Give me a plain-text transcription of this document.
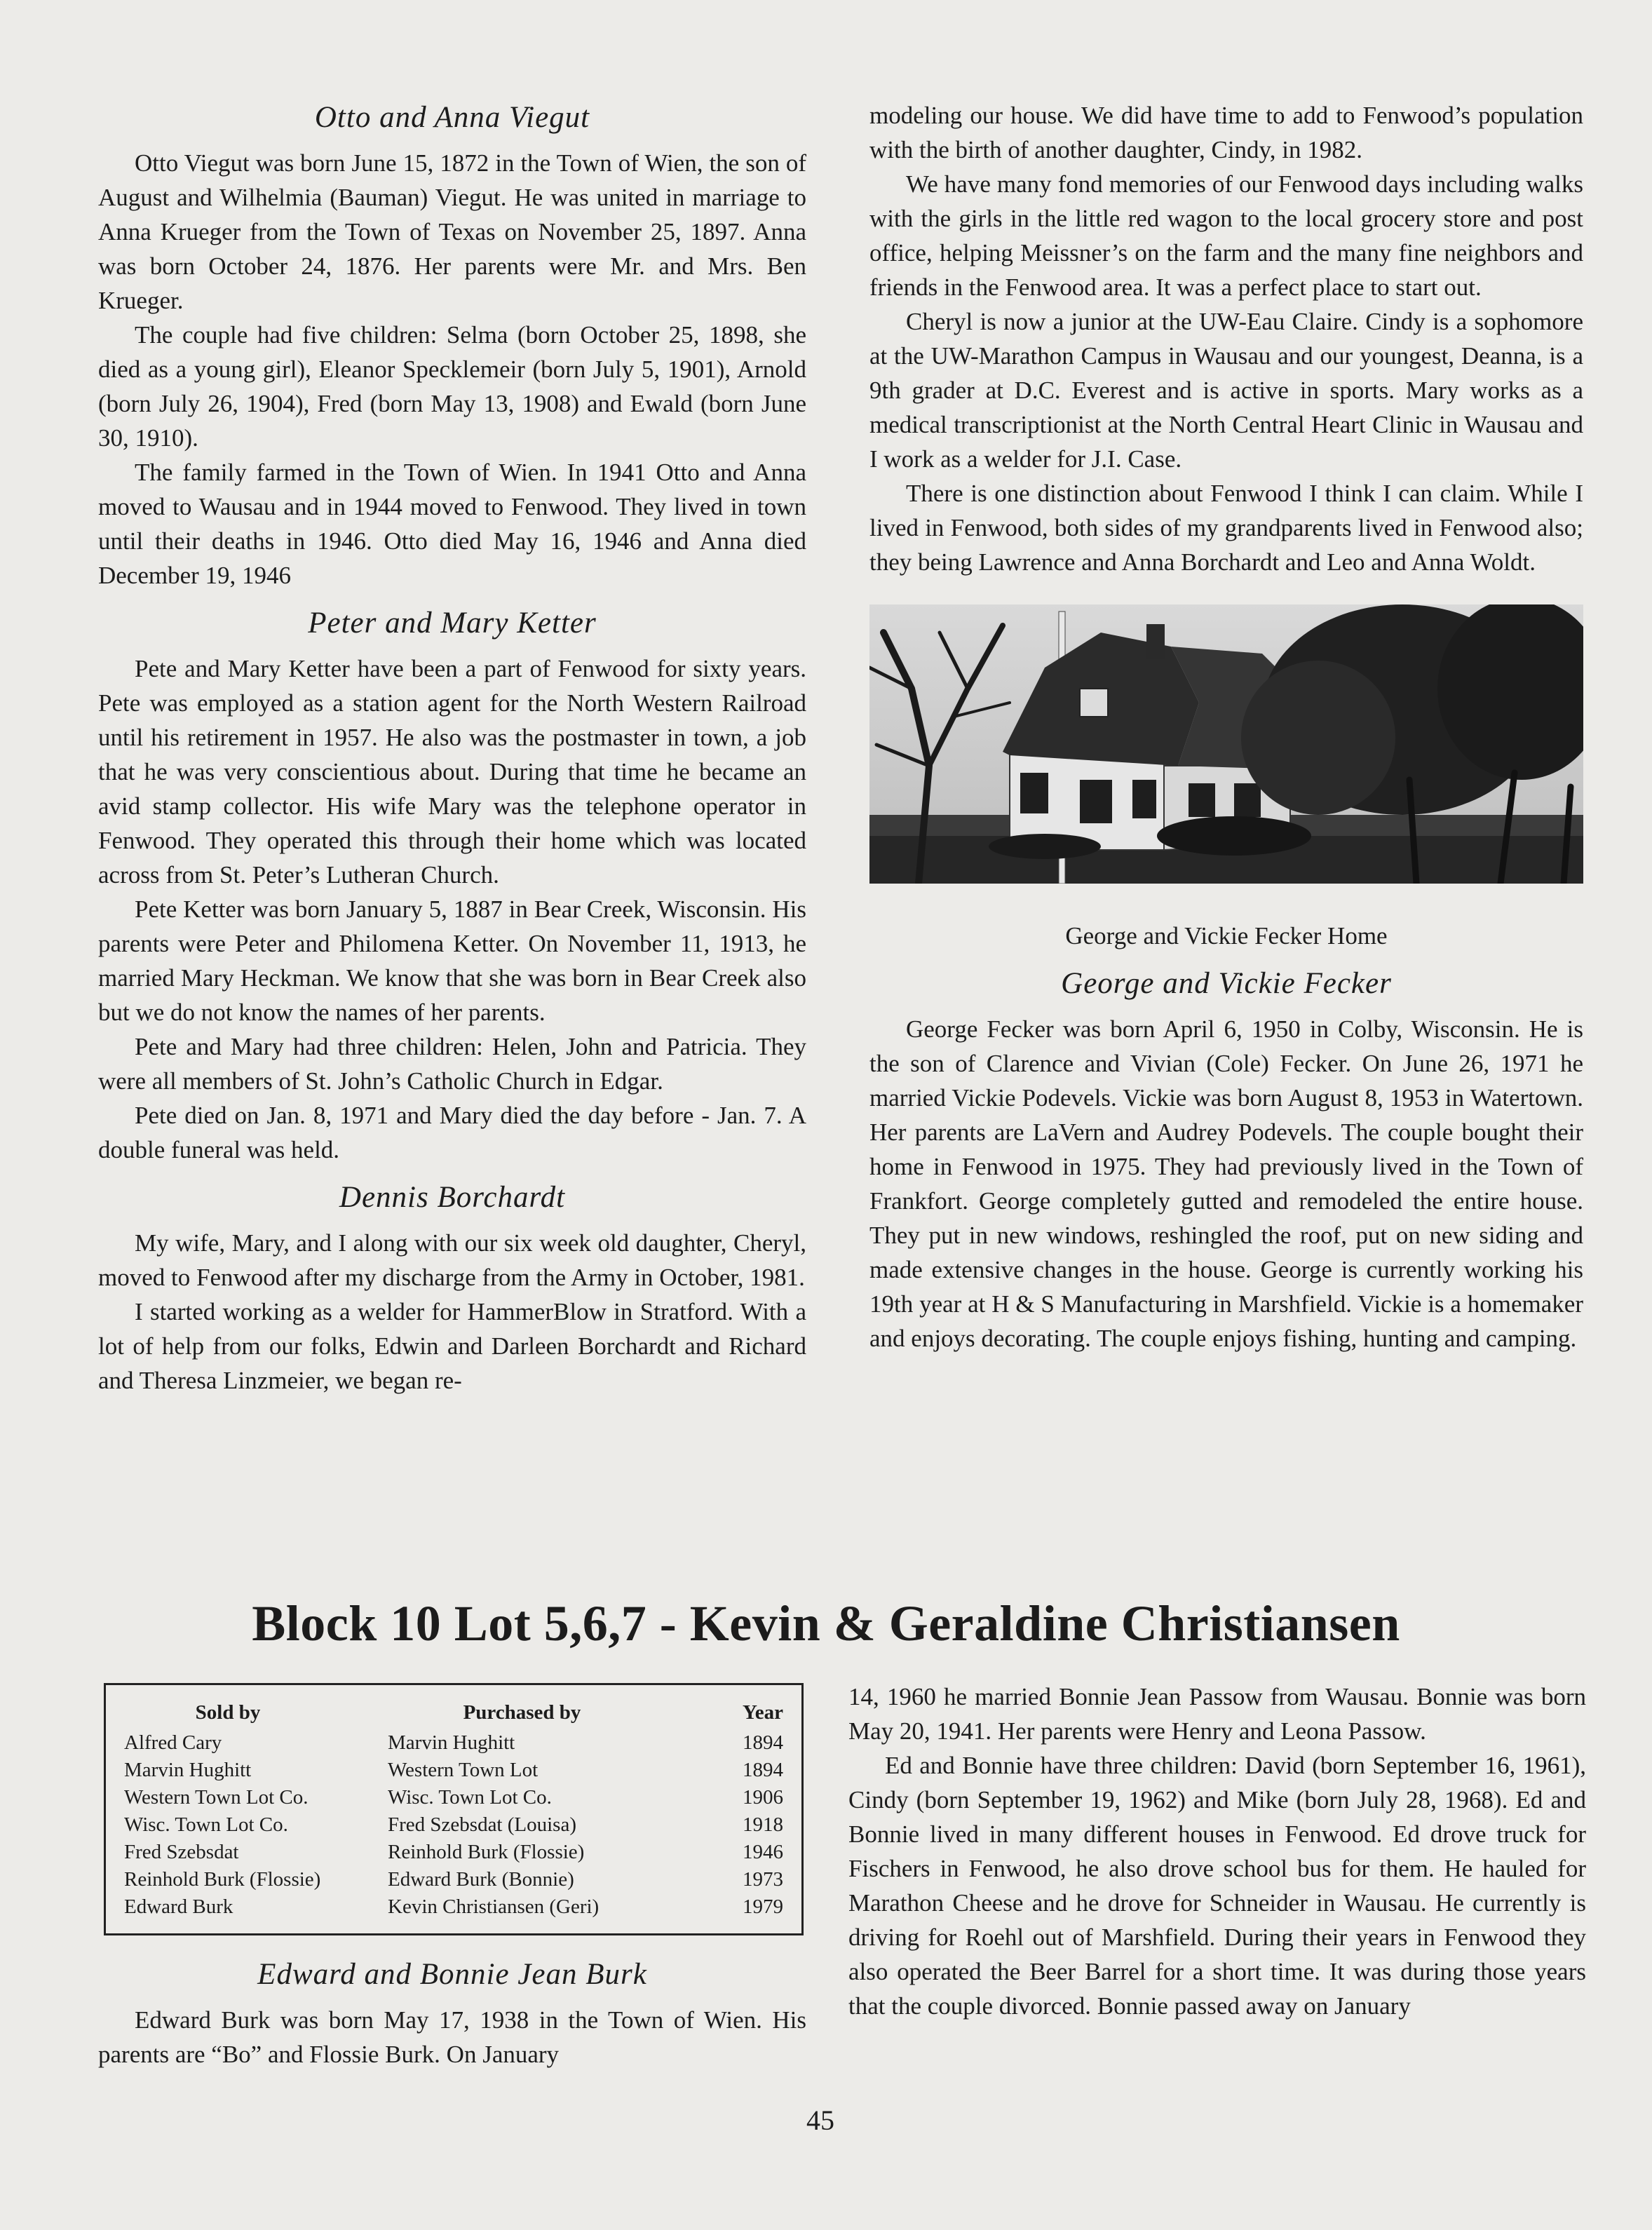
Otto and Anna Viegut

Otto Viegut was born June 15, 1872 in the Town of Wien, the son of August and Wilhelmia (Bauman) Viegut. He was united in marriage to Anna Krueger from the Town of Texas on November 25, 1897. Anna was born October 24, 1876. Her parents were Mr. and Mrs. Ben Krueger.

The couple had five children: Selma (born October 25, 1898, she died as a young girl), Eleanor Specklemeir (born July 5, 1901), Arnold (born July 26, 1904), Fred (born May 13, 1908) and Ewald (born June 30, 1910).

The family farmed in the Town of Wien. In 1941 Otto and Anna moved to Wausau and in 1944 moved to Fenwood. They lived in town until their deaths in 1946. Otto died May 16, 1946 and Anna died December 19, 1946

Peter and Mary Ketter

Pete and Mary Ketter have been a part of Fenwood for sixty years. Pete was employed as a station agent for the North Western Railroad until his retirement in 1957. He also was the postmaster in town, a job that he was very conscientious about. During that time he became an avid stamp collector. His wife Mary was the telephone operator in Fenwood. They operated this through their home which was located across from St. Peter’s Lutheran Church.

Pete Ketter was born January 5, 1887 in Bear Creek, Wisconsin. His parents were Peter and Philomena Ketter. On November 11, 1913, he married Mary Heckman. We know that she was born in Bear Creek also but we do not know the names of her parents.

Pete and Mary had three children: Helen, John and Patricia. They were all members of St. John’s Catholic Church in Edgar.

Pete died on Jan. 8, 1971 and Mary died the day before - Jan. 7. A double funeral was held.

Dennis Borchardt

My wife, Mary, and I along with our six week old daughter, Cheryl, moved to Fenwood after my discharge from the Army in October, 1981.

I started working as a welder for HammerBlow in Stratford. With a lot of help from our folks, Edwin and Darleen Borchardt and Richard and Theresa Linzmeier, we began re-

modeling our house. We did have time to add to Fenwood’s population with the birth of another daughter, Cindy, in 1982.

We have many fond memories of our Fenwood days including walks with the girls in the little red wagon to the local grocery store and post office, helping Meissner’s on the farm and the many fine neighbors and friends in the Fenwood area. It was a perfect place to start out.

Cheryl is now a junior at the UW-Eau Claire. Cindy is a sophomore at the UW-Marathon Campus in Wausau and our youngest, Deanna, is a 9th grader at D.C. Everest and is active in sports. Mary works as a medical transcriptionist at the North Central Heart Clinic in Wausau and I work as a welder for J.I. Case.

There is one distinction about Fenwood I think I can claim. While I lived in Fenwood, both sides of my grandparents lived in Fenwood also; they being Lawrence and Anna Borchardt and Leo and Anna Woldt.

George and Vickie Fecker Home
George and Vickie Fecker

George Fecker was born April 6, 1950 in Colby, Wisconsin. He is the son of Clarence and Vivian (Cole) Fecker. On June 26, 1971 he married Vickie Podevels. Vickie was born August 8, 1953 in Watertown. Her parents are LaVern and Audrey Podevels. The couple bought their home in Fenwood in 1975. They had previously lived in the Town of Frankfort. George completely gutted and remodeled the entire house. They put in new windows, reshingled the roof, put on new siding and made extensive changes in the house. George is currently working his 19th year at H & S Manufacturing in Marshfield. Vickie is a homemaker and enjoys decorating. The couple enjoys fishing, hunting and camping.

Block 10 Lot 5,6,7 - Kevin & Geraldine Christiansen
Sold by	Purchased by	Year
Alfred Cary	Marvin Hughitt	1894
Marvin Hughitt	Western Town Lot	1894
Western Town Lot Co.	Wisc. Town Lot Co.	1906
Wisc. Town Lot Co.	Fred Szebsdat (Louisa)	1918
Fred Szebsdat	Reinhold Burk (Flossie)	1946
Reinhold Burk (Flossie)	Edward Burk (Bonnie)	1973
Edward Burk	Kevin Christiansen (Geri)	1979
Edward and Bonnie Jean Burk

Edward Burk was born May 17, 1938 in the Town of Wien. His parents are “Bo” and Flossie Burk. On January

14, 1960 he married Bonnie Jean Passow from Wausau. Bonnie was born May 20, 1941. Her parents were Henry and Leona Passow.

Ed and Bonnie have three children: David (born September 16, 1961), Cindy (born September 19, 1962) and Mike (born July 28, 1968). Ed and Bonnie lived in many different houses in Fenwood. Ed drove truck for Fischers in Fenwood, he also drove school bus for them. He hauled for Marathon Cheese and he drove for Schneider in Wausau. He currently is driving for Roehl out of Marshfield. During their years in Fenwood they also operated the Beer Barrel for a short time. It was during those years that the couple divorced. Bonnie passed away on January

45
